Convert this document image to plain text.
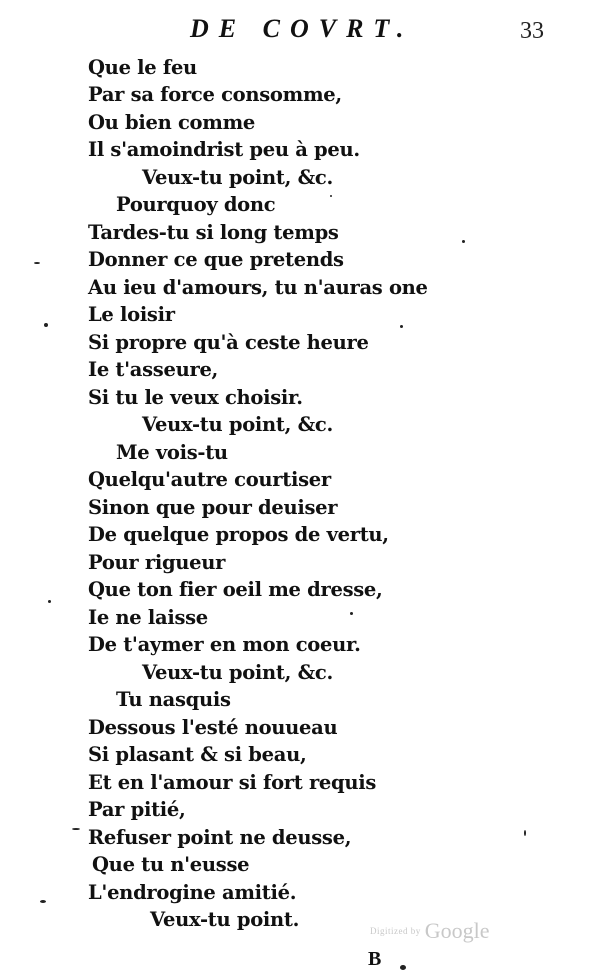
DE COVRT.	33
Que le feu
Par sa force consomme,
Ou bien comme
Il s'amoindrist peu à peu.
Veux-tu point, &c.
Pourquoy donc
Tardes-tu si long temps
Donner ce que pretends
Au ieu d'amours, tu n'auras one
Le loisir
Si propre qu'à ceste heure
Ie t'asseure,
Si tu le veux choisir.
Veux-tu point, &c.
Me vois-tu
Quelqu'autre courtiser
Sinon que pour deuiser
De quelque propos de vertu,
Pour rigueur
Que ton fier oeil me dresse,
Ie ne laisse
De t'aymer en mon coeur.
Veux-tu point, &c.
Tu nasquis
Dessous l'esté nouueau
Si plasant & si beau,
Et en l'amour si fort requis
Par pitié,
Refuser point ne deusse,
Que tu n'eusse
L'endrogine amitié.
Veux-tu point.	Digitized by Google
B
